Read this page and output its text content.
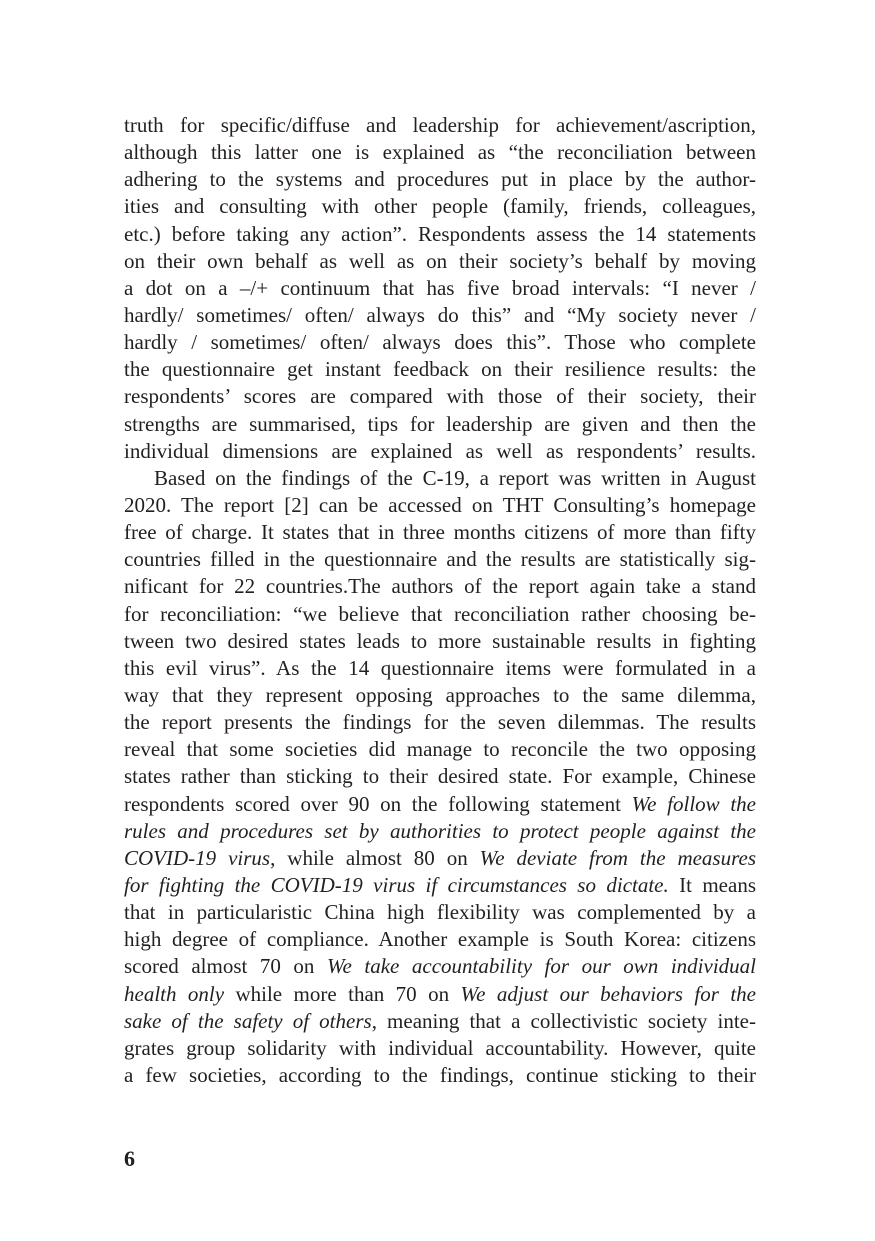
truth for specific/diffuse and leadership for achievement/ascription,
although this latter one is explained as “the reconciliation between
adhering to the systems and procedures put in place by the author-
ities and consulting with other people (family, friends, colleagues,
etc.) before taking any action”. Respondents assess the 14 statements
on their own behalf as well as on their society’s behalf by moving
a dot on a –/+ continuum that has five broad intervals: “I never /
hardly/ sometimes/ often/ always do this” and “My society never /
hardly / sometimes/ often/ always does this”. Those who complete
the questionnaire get instant feedback on their resilience results: the
respondents’ scores are compared with those of their society, their
strengths are summarised, tips for leadership are given and then the
individual dimensions are explained as well as respondents’ results.
Based on the findings of the C-19, a report was written in August
2020. The report [2] can be accessed on THT Consulting’s homepage
free of charge. It states that in three months citizens of more than fifty
countries filled in the questionnaire and the results are statistically sig-
nificant for 22 countries.The authors of the report again take a stand
for reconciliation: “we believe that reconciliation rather choosing be-
tween two desired states leads to more sustainable results in fighting
this evil virus”. As the 14 questionnaire items were formulated in a
way that they represent opposing approaches to the same dilemma,
the report presents the findings for the seven dilemmas. The results
reveal that some societies did manage to reconcile the two opposing
states rather than sticking to their desired state. For example, Chinese
respondents scored over 90 on the following statement We follow the
rules and procedures set by authorities to protect people against the
COVID-19 virus, while almost 80 on We deviate from the measures
for fighting the COVID-19 virus if circumstances so dictate. It means
that in particularistic China high flexibility was complemented by a
high degree of compliance. Another example is South Korea: citizens
scored almost 70 on We take accountability for our own individual
health only while more than 70 on We adjust our behaviors for the
sake of the safety of others, meaning that a collectivistic society inte-
grates group solidarity with individual accountability. However, quite
a few societies, according to the findings, continue sticking to their
6
